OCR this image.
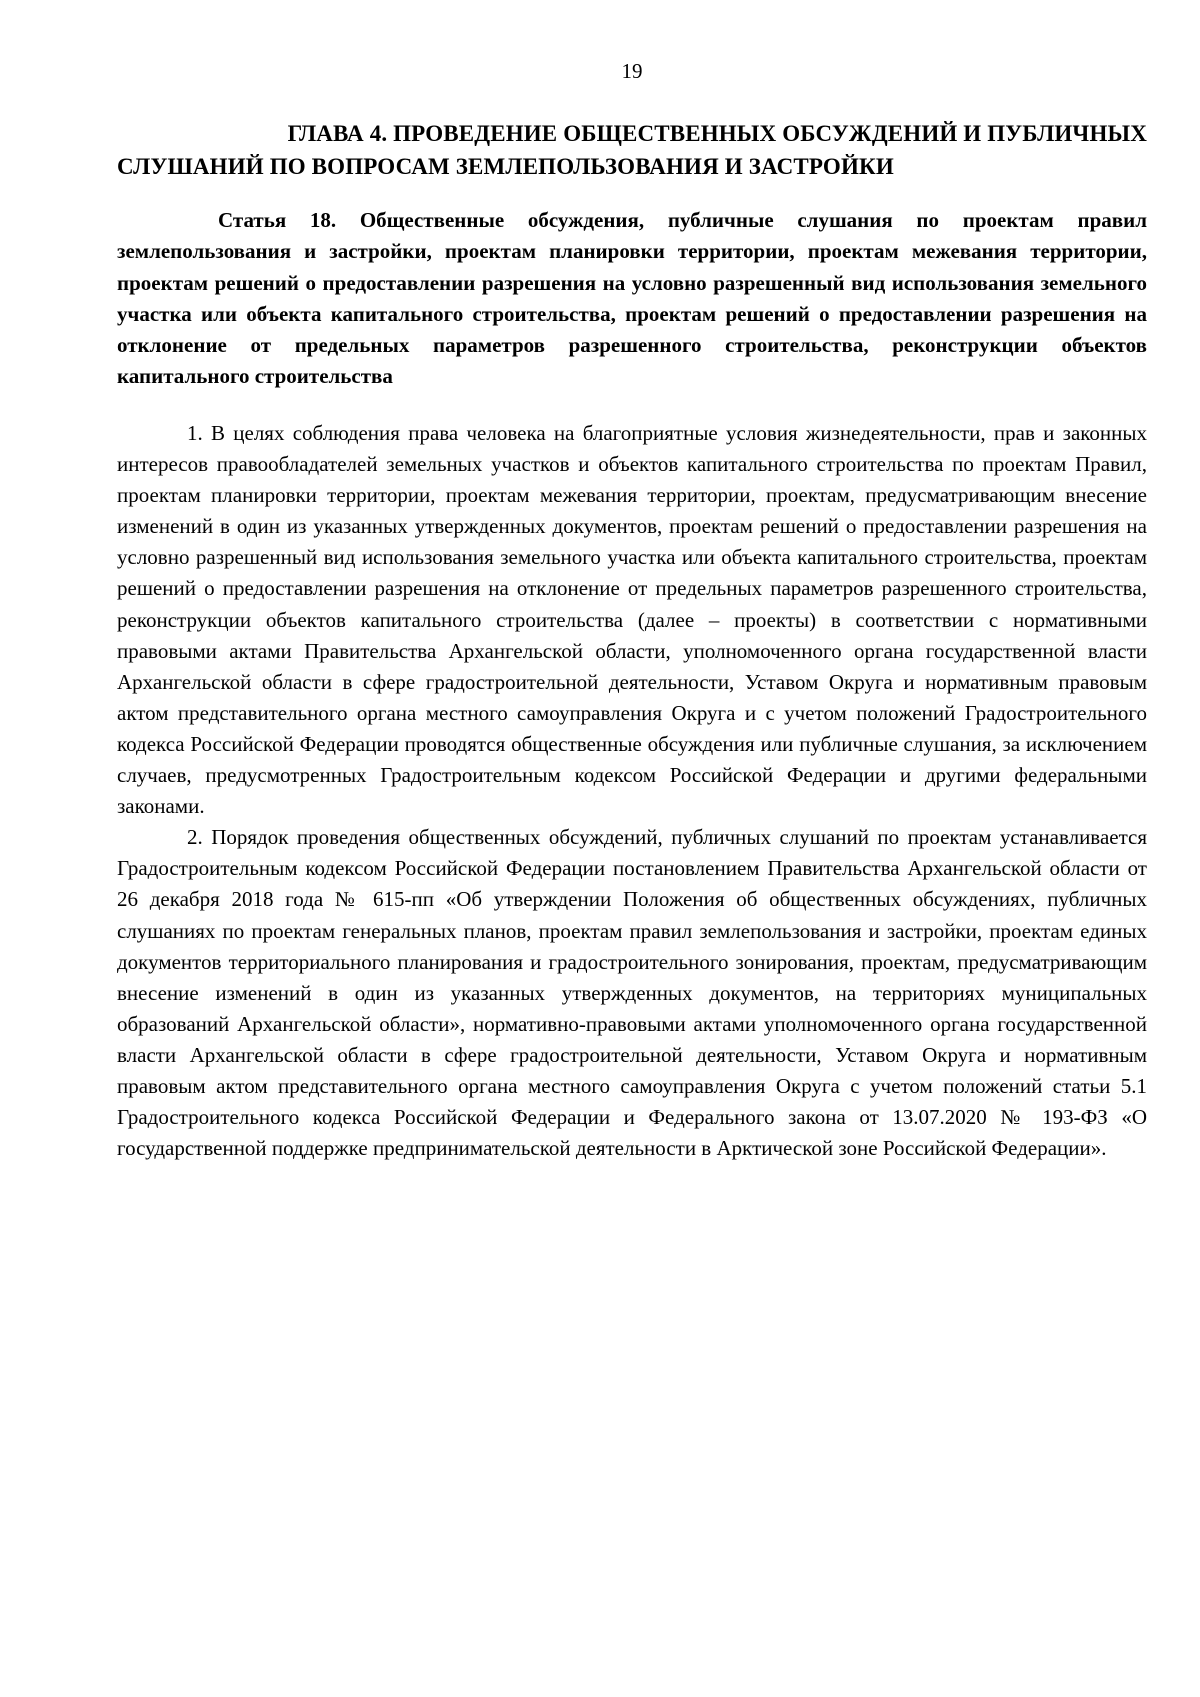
19
ГЛАВА 4. ПРОВЕДЕНИЕ ОБЩЕСТВЕННЫХ ОБСУЖДЕНИЙ И ПУБЛИЧНЫХ
СЛУШАНИЙ ПО ВОПРОСАМ ЗЕМЛЕПОЛЬЗОВАНИЯ И ЗАСТРОЙКИ
Статья 18. Общественные обсуждения, публичные слушания по проектам правил землепользования и застройки, проектам планировки территории, проектам межевания территории, проектам решений о предоставлении разрешения на условно разрешенный вид использования земельного участка или объекта капитального строительства, проектам решений о предоставлении разрешения на отклонение от предельных параметров разрешенного строительства, реконструкции объектов капитального строительства

1. В целях соблюдения права человека на благоприятные условия жизнедеятельности, прав и законных интересов правообладателей земельных участков и объектов капитального строительства по проектам Правил, проектам планировки территории, проектам межевания территории, проектам, предусматривающим внесение изменений в один из указанных утвержденных документов, проектам решений о предоставлении разрешения на условно разрешенный вид использования земельного участка или объекта капитального строительства, проектам решений о предоставлении разрешения на отклонение от предельных параметров разрешенного строительства, реконструкции объектов капитального строительства (далее – проекты) в соответствии с нормативными правовыми актами Правительства Архангельской области, уполномоченного органа государственной власти Архангельской области в сфере градостроительной деятельности, Уставом Округа и нормативным правовым актом представительного органа местного самоуправления Округа и с учетом положений Градостроительного кодекса Российской Федерации проводятся общественные обсуждения или публичные слушания, за исключением случаев, предусмотренных Градостроительным кодексом Российской Федерации и другими федеральными законами.

2. Порядок проведения общественных обсуждений, публичных слушаний по проектам устанавливается Градостроительным кодексом Российской Федерации постановлением Правительства Архангельской области от 26 декабря 2018 года № 615-пп «Об утверждении Положения об общественных обсуждениях, публичных слушаниях по проектам генеральных планов, проектам правил землепользования и застройки, проектам единых документов территориального планирования и градостроительного зонирования, проектам, предусматривающим внесение изменений в один из указанных утвержденных документов, на территориях муниципальных образований Архангельской области», нормативно-правовыми актами уполномоченного органа государственной власти Архангельской области в сфере градостроительной деятельности, Уставом Округа и нормативным правовым актом представительного органа местного самоуправления Округа с учетом положений статьи 5.1 Градостроительного кодекса Российской Федерации и Федерального закона от 13.07.2020 № 193-ФЗ «О государственной поддержке предпринимательской деятельности в Арктической зоне Российской Федерации».
